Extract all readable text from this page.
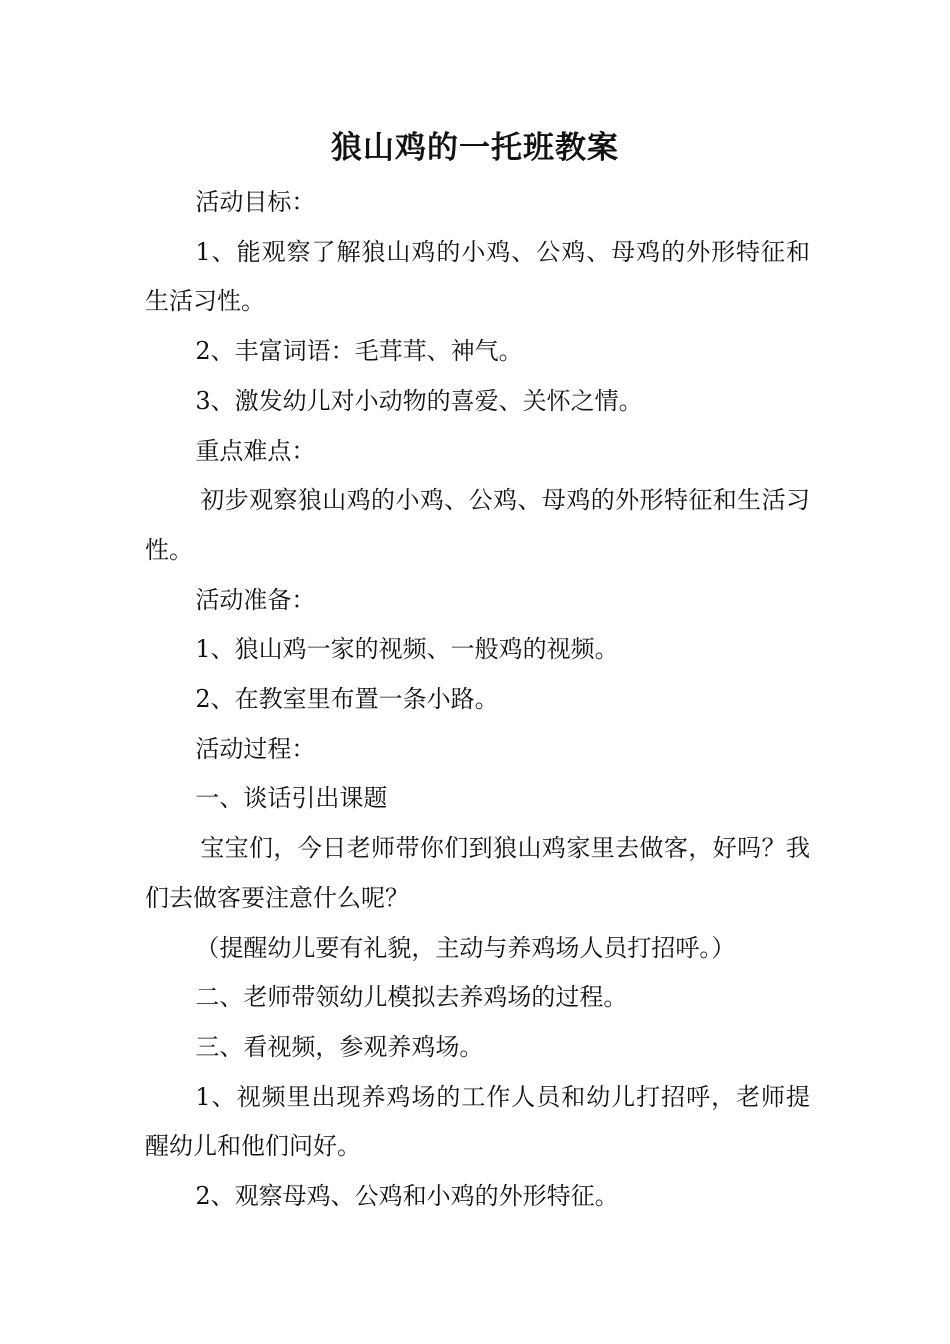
狼山鸡的一托班教案

活动目标：

1、能观察了解狼山鸡的小鸡、公鸡、母鸡的外形特征和生活习性。

2、丰富词语：毛茸茸、神气。

3、激发幼儿对小动物的喜爱、关怀之情。

重点难点：

初步观察狼山鸡的小鸡、公鸡、母鸡的外形特征和生活习性。

活动准备：

1、狼山鸡一家的视频、一般鸡的视频。

2、在教室里布置一条小路。

活动过程：

一、谈话引出课题

宝宝们，今日老师带你们到狼山鸡家里去做客，好吗？我们去做客要注意什么呢？

（提醒幼儿要有礼貌，主动与养鸡场人员打招呼。）

二、老师带领幼儿模拟去养鸡场的过程。

三、看视频，参观养鸡场。

1、视频里出现养鸡场的工作人员和幼儿打招呼，老师提醒幼儿和他们问好。

2、观察母鸡、公鸡和小鸡的外形特征。
